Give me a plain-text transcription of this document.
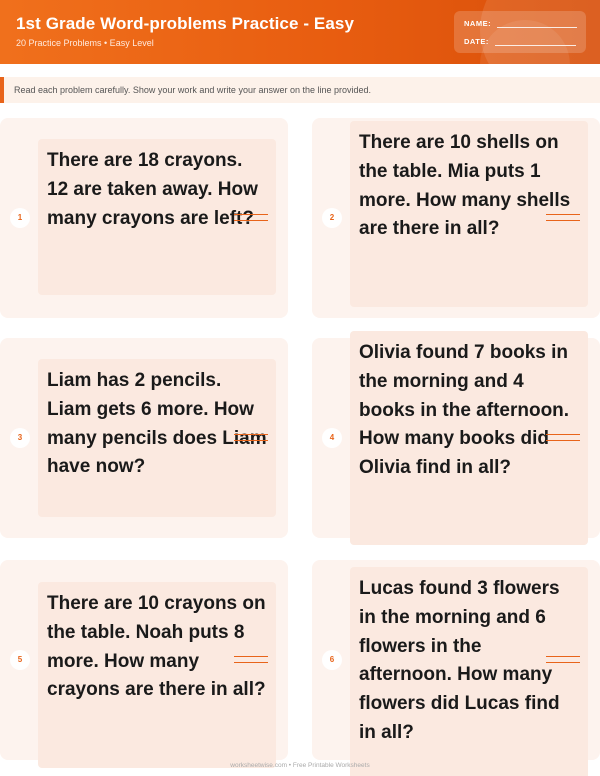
1st Grade Word-problems Practice - Easy
20 Practice Problems • Easy Level
NAME:
DATE:
Read each problem carefully. Show your work and write your answer on the line provided.
1
There are 18 crayons. 12 are taken away. How many crayons are left?	2
There are 10 shells on the table. Mia puts 1 more. How many shells are there in all?
3
Liam has 2 pencils. Liam gets 6 more. How many pencils does Liam have now?
4
Olivia found 7 books in the morning and 4 books in the afternoon. How many books did Olivia find in all?
5
There are 10 crayons on the table. Noah puts 8 more. How many crayons are there in all?
6
Lucas found 3 flowers in the morning and 6 flowers in the afternoon. How many flowers did Lucas find in all?
worksheetwise.com • Free Printable Worksheets
